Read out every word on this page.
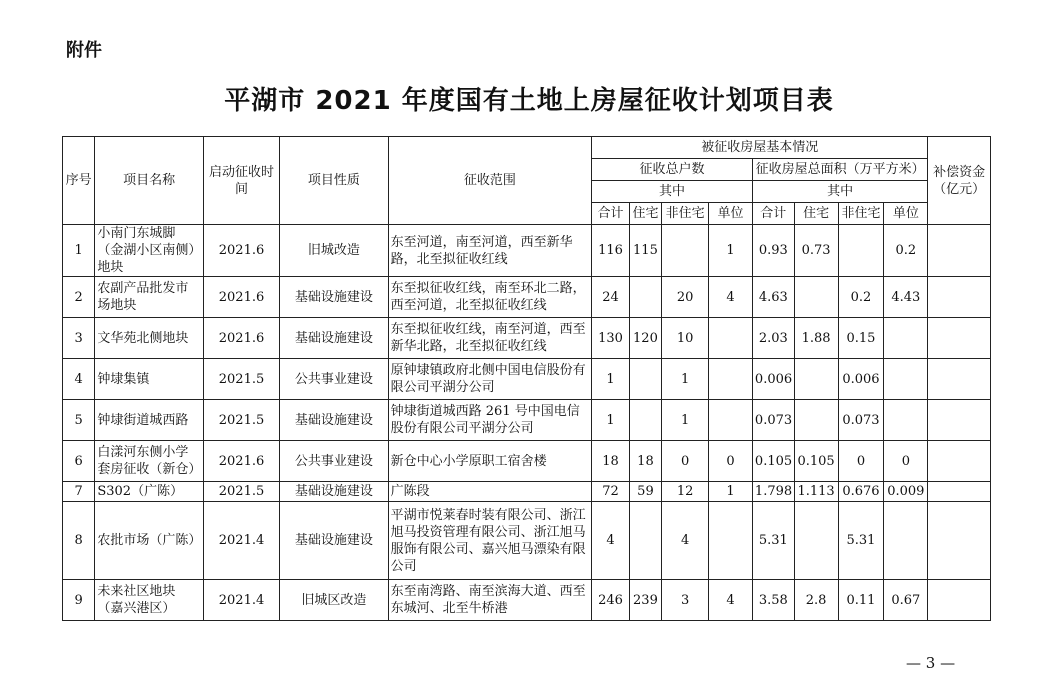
附件
平湖市 2021 年度国有土地上房屋征收计划项目表
序号	项目名称	启动征收时间	项目性质	征收范围	被征收房屋基本情况								补偿资金（亿元）
					征收总户数				征收房屋总面积（万平方米）				
					其中				其中				
					合计	住宅	非住宅	单位	合计	住宅	非住宅	单位	
1	小南门东城脚（金湖小区南侧）地块	2021.6	旧城改造	东至河道，南至河道，西至新华路，北至拟征收红线	116	115		1	0.93	0.73		0.2	
2	农副产品批发市场地块	2021.6	基础设施建设	东至拟征收红线，南至环北二路，西至河道，北至拟征收红线	24		20	4	4.63		0.2	4.43	
3	文华苑北侧地块	2021.6	基础设施建设	东至拟征收红线，南至河道，西至新华北路，北至拟征收红线	130	120	10		2.03	1.88	0.15		
4	钟埭集镇	2021.5	公共事业建设	原钟埭镇政府北侧中国电信股份有限公司平湖分公司	1		1		0.006		0.006		
5	钟埭街道城西路	2021.5	基础设施建设	钟埭街道城西路 261 号中国电信股份有限公司平湖分公司	1		1		0.073		0.073		
6	白漾河东侧小学套房征收（新仓）	2021.6	公共事业建设	新仓中心小学原职工宿舍楼	18	18	0	0	0.105	0.105	0	0	
7	S302（广陈）	2021.5	基础设施建设	广陈段	72	59	12	1	1.798	1.113	0.676	0.009	
8	农批市场（广陈）	2021.4	基础设施建设	平湖市悦莱春时装有限公司、浙江旭马投资管理有限公司、浙江旭马服饰有限公司、嘉兴旭马漂染有限公司	4		4		5.31		5.31		
9	未来社区地块（嘉兴港区）	2021.4	旧城区改造	东至南湾路、南至滨海大道、西至东城河、北至牛桥港	246	239	3	4	3.58	2.8	0.11	0.67	
— 3 —
